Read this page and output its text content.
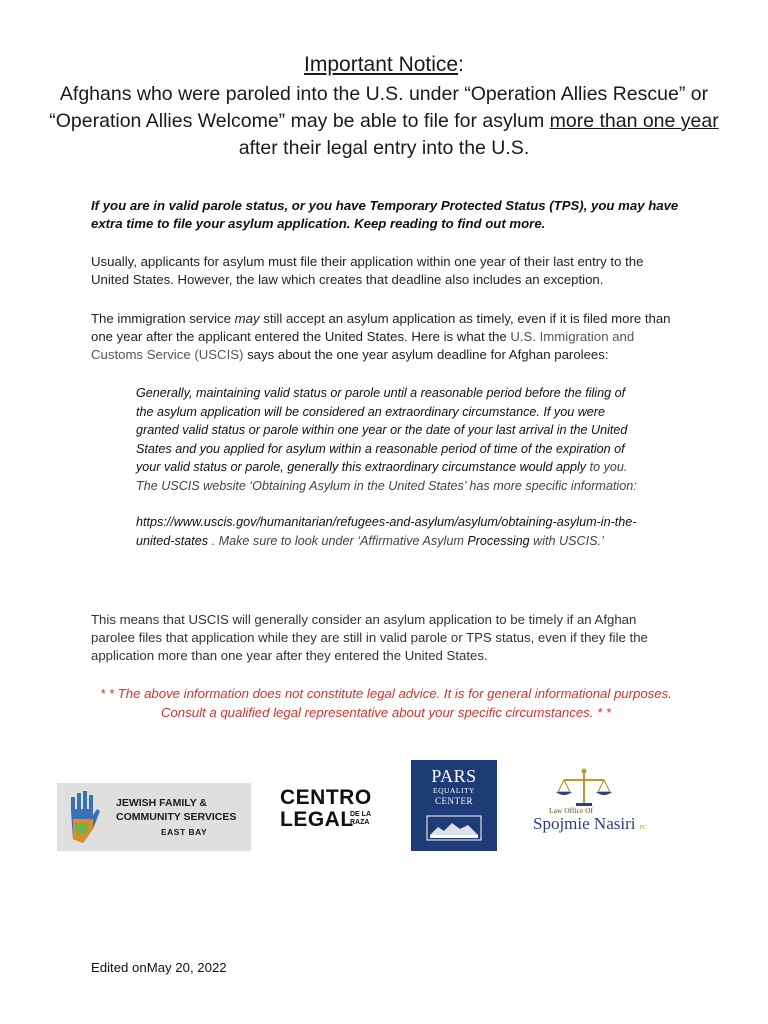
Important Notice:
Afghans who were paroled into the U.S. under “Operation Allies Rescue” or “Operation Allies Welcome” may be able to file for asylum more than one year after their legal entry into the U.S.
If you are in valid parole status, or you have Temporary Protected Status (TPS), you may have extra time to file your asylum application. Keep reading to find out more.
Usually, applicants for asylum must file their application within one year of their last entry to the United States. However, the law which creates that deadline also includes an exception.
The immigration service may still accept an asylum application as timely, even if it is filed more than one year after the applicant entered the United States. Here is what the U.S. Immigration and Customs Service (USCIS) says about the one year asylum deadline for Afghan parolees:
Generally, maintaining valid status or parole until a reasonable period before the filing of the asylum application will be considered an extraordinary circumstance. If you were granted valid status or parole within one year or the date of your last arrival in the United States and you applied for asylum within a reasonable period of time of the expiration of your valid status or parole, generally this extraordinary circumstance would apply to you. The USCIS website ‘Obtaining Asylum in the United States’ has more specific information:
https://www.uscis.gov/humanitarian/refugees-and-asylum/asylum/obtaining-asylum-in-the-united-states . Make sure to look under ‘Affirmative Asylum Processing with USCIS.’
This means that USCIS will generally consider an asylum application to be timely if an Afghan parolee files that application while they are still in valid parole or TPS status, even if they file the application more than one year after they entered the United States.
* * The above information does not constitute legal advice. It is for general informational purposes. Consult a qualified legal representative about your specific circumstances. * *
JEWISH FAMILY & COMMUNITY SERVICES
EAST BAY
CENTRO
LEGAL
DE LA RAZA
PARS
EQUALITY
CENTER
Law Office Of
Spojmie Nasiri PC
Edited onMay 20, 2022
